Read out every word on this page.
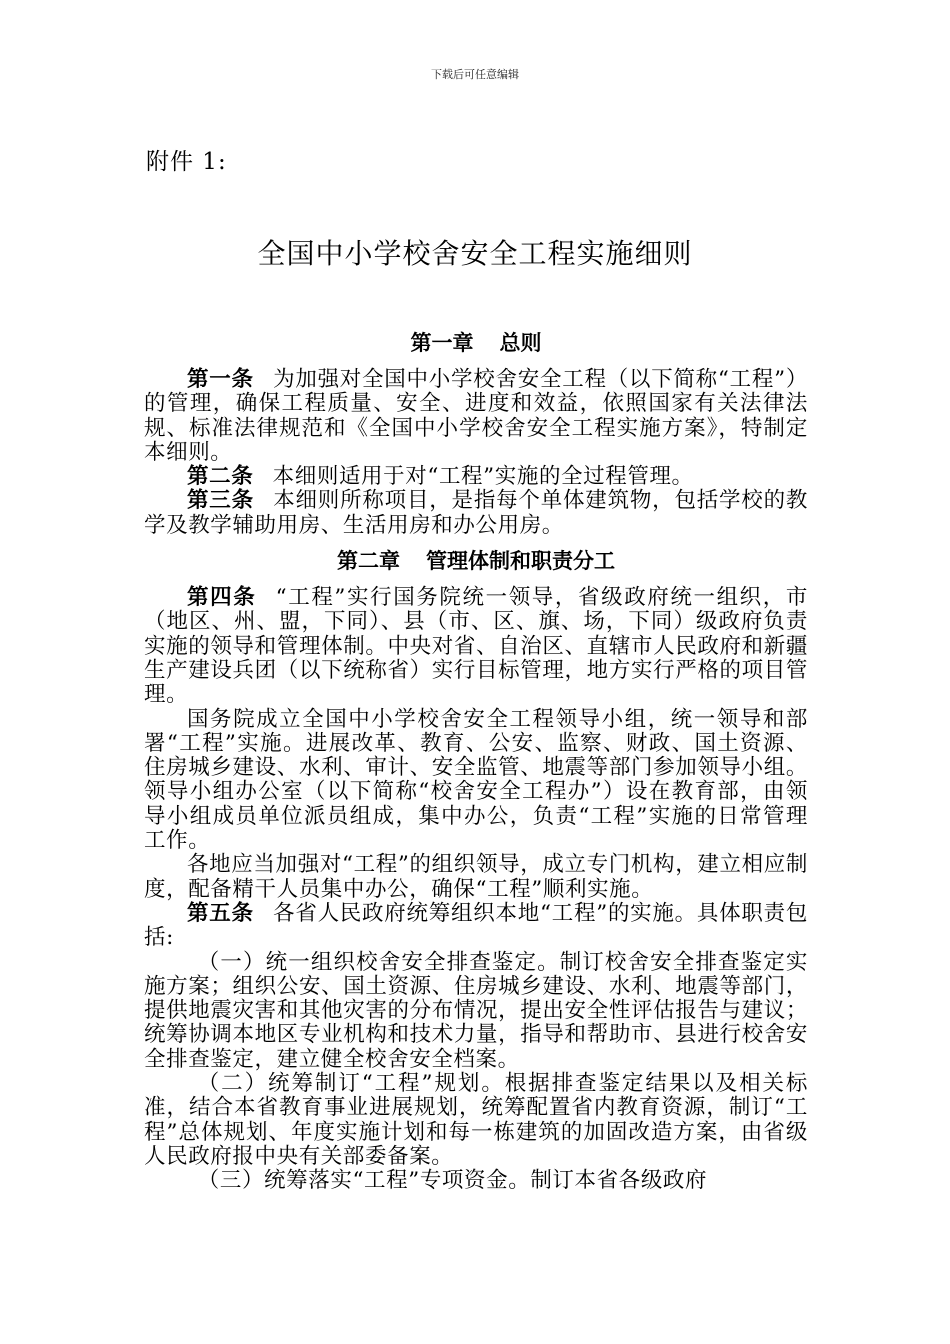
下载后可任意编辑
附件 1:
全国中小学校舍安全工程实施细则
第一章 总则

第一条 为加强对全国中小学校舍安全工程（以下简称“工程”）的管理，确保工程质量、安全、进度和效益，依照国家有关法律法规、标准法律规范和《全国中小学校舍安全工程实施方案》，特制定本细则。

第二条 本细则适用于对“工程”实施的全过程管理。

第三条 本细则所称项目，是指每个单体建筑物，包括学校的教学及教学辅助用房、生活用房和办公用房。

第二章 管理体制和职责分工

第四条 “工程”实行国务院统一领导，省级政府统一组织，市（地区、州、盟，下同）、县（市、区、旗、场，下同）级政府负责实施的领导和管理体制。中央对省、自治区、直辖市人民政府和新疆生产建设兵团（以下统称省）实行目标管理，地方实行严格的项目管理。

国务院成立全国中小学校舍安全工程领导小组，统一领导和部署“工程”实施。进展改革、教育、公安、监察、财政、国土资源、住房城乡建设、水利、审计、安全监管、地震等部门参加领导小组。领导小组办公室（以下简称“校舍安全工程办”）设在教育部，由领导小组成员单位派员组成，集中办公，负责“工程”实施的日常管理工作。

各地应当加强对“工程”的组织领导，成立专门机构，建立相应制度，配备精干人员集中办公，确保“工程”顺利实施。

第五条 各省人民政府统筹组织本地“工程”的实施。具体职责包括:

（一）统一组织校舍安全排查鉴定。制订校舍安全排查鉴定实施方案；组织公安、国土资源、住房城乡建设、水利、地震等部门，提供地震灾害和其他灾害的分布情况，提出安全性评估报告与建议；统筹协调本地区专业机构和技术力量，指导和帮助市、县进行校舍安全排查鉴定，建立健全校舍安全档案。

（二）统筹制订“工程”规划。根据排查鉴定结果以及相关标准，结合本省教育事业进展规划，统筹配置省内教育资源，制订“工程”总体规划、年度实施计划和每一栋建筑的加固改造方案，由省级人民政府报中央有关部委备案。

（三）统筹落实“工程”专项资金。制订本省各级政府
